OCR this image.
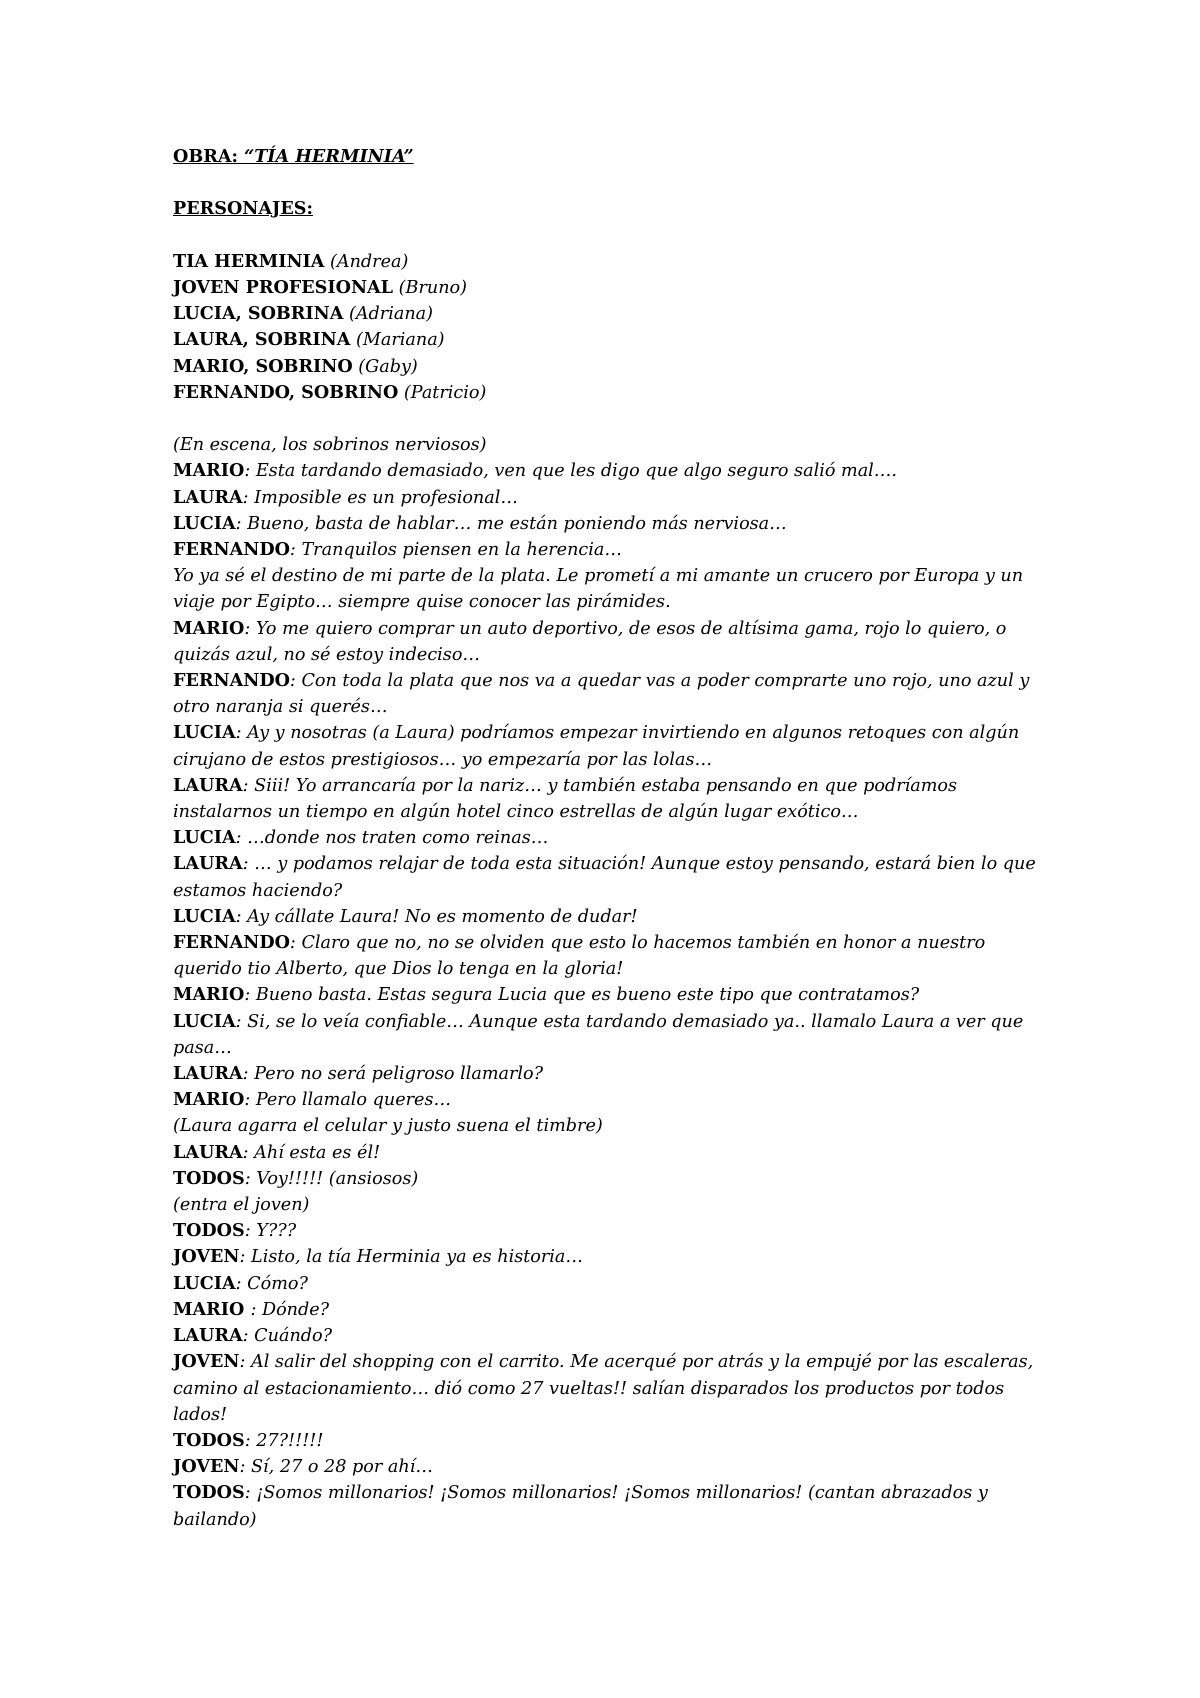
OBRA: “TÍA HERMINIA”
PERSONAJES:
TIA HERMINIA (Andrea)
JOVEN PROFESIONAL (Bruno)
LUCIA, SOBRINA (Adriana)
LAURA, SOBRINA (Mariana)
MARIO, SOBRINO (Gaby)
FERNANDO, SOBRINO (Patricio)
(En escena, los sobrinos nerviosos)
MARIO: Esta tardando demasiado, ven que les digo que algo seguro salió mal….
LAURA: Imposible es un profesional…
LUCIA: Bueno, basta de hablar… me están poniendo más nerviosa…
FERNANDO: Tranquilos piensen en la herencia…
Yo ya sé el destino de mi parte de la plata. Le prometí a mi amante un crucero por Europa y un viaje por Egipto… siempre quise conocer las pirámides.
MARIO: Yo me quiero comprar un auto deportivo, de esos de altísima gama, rojo lo quiero, o quizás azul, no sé estoy indeciso…
FERNANDO: Con toda la plata que nos va a quedar vas a poder comprarte uno rojo, uno azul y otro naranja si querés…
LUCIA: Ay y nosotras (a Laura) podríamos empezar invirtiendo en algunos retoques con algún cirujano de estos prestigiosos… yo empezaría por las lolas…
LAURA: Siii! Yo arrancaría por la nariz… y también estaba pensando en que podríamos instalarnos un tiempo en algún hotel cinco estrellas de algún lugar exótico…
LUCIA: …donde nos traten como reinas…
LAURA: … y podamos relajar de toda esta situación! Aunque estoy pensando, estará bien lo que estamos haciendo?
LUCIA: Ay cállate Laura! No es momento de dudar!
FERNANDO: Claro que no, no se olviden que esto lo hacemos también en honor a nuestro querido tio Alberto, que Dios lo tenga en la gloria!
MARIO: Bueno basta. Estas segura Lucia que es bueno este tipo que contratamos?
LUCIA: Si, se lo veía confiable… Aunque esta tardando demasiado ya.. llamalo Laura a ver que pasa…
LAURA: Pero no será peligroso llamarlo?
MARIO: Pero llamalo queres…
(Laura agarra el celular y justo suena el timbre)
LAURA: Ahí esta es él!
TODOS: Voy!!!!! (ansiosos)
(entra el joven)
TODOS: Y???
JOVEN: Listo, la tía Herminia ya es historia…
LUCIA: Cómo?
MARIO : Dónde?
LAURA: Cuándo?
JOVEN: Al salir del shopping con el carrito. Me acerqué por atrás y la empujé por las escaleras, camino al estacionamiento… dió como 27 vueltas!! salían disparados los productos por todos lados!
TODOS: 27?!!!!!
JOVEN: Sí, 27 o 28 por ahí…
TODOS: ¡Somos millonarios! ¡Somos millonarios! ¡Somos millonarios! (cantan abrazados y bailando)
